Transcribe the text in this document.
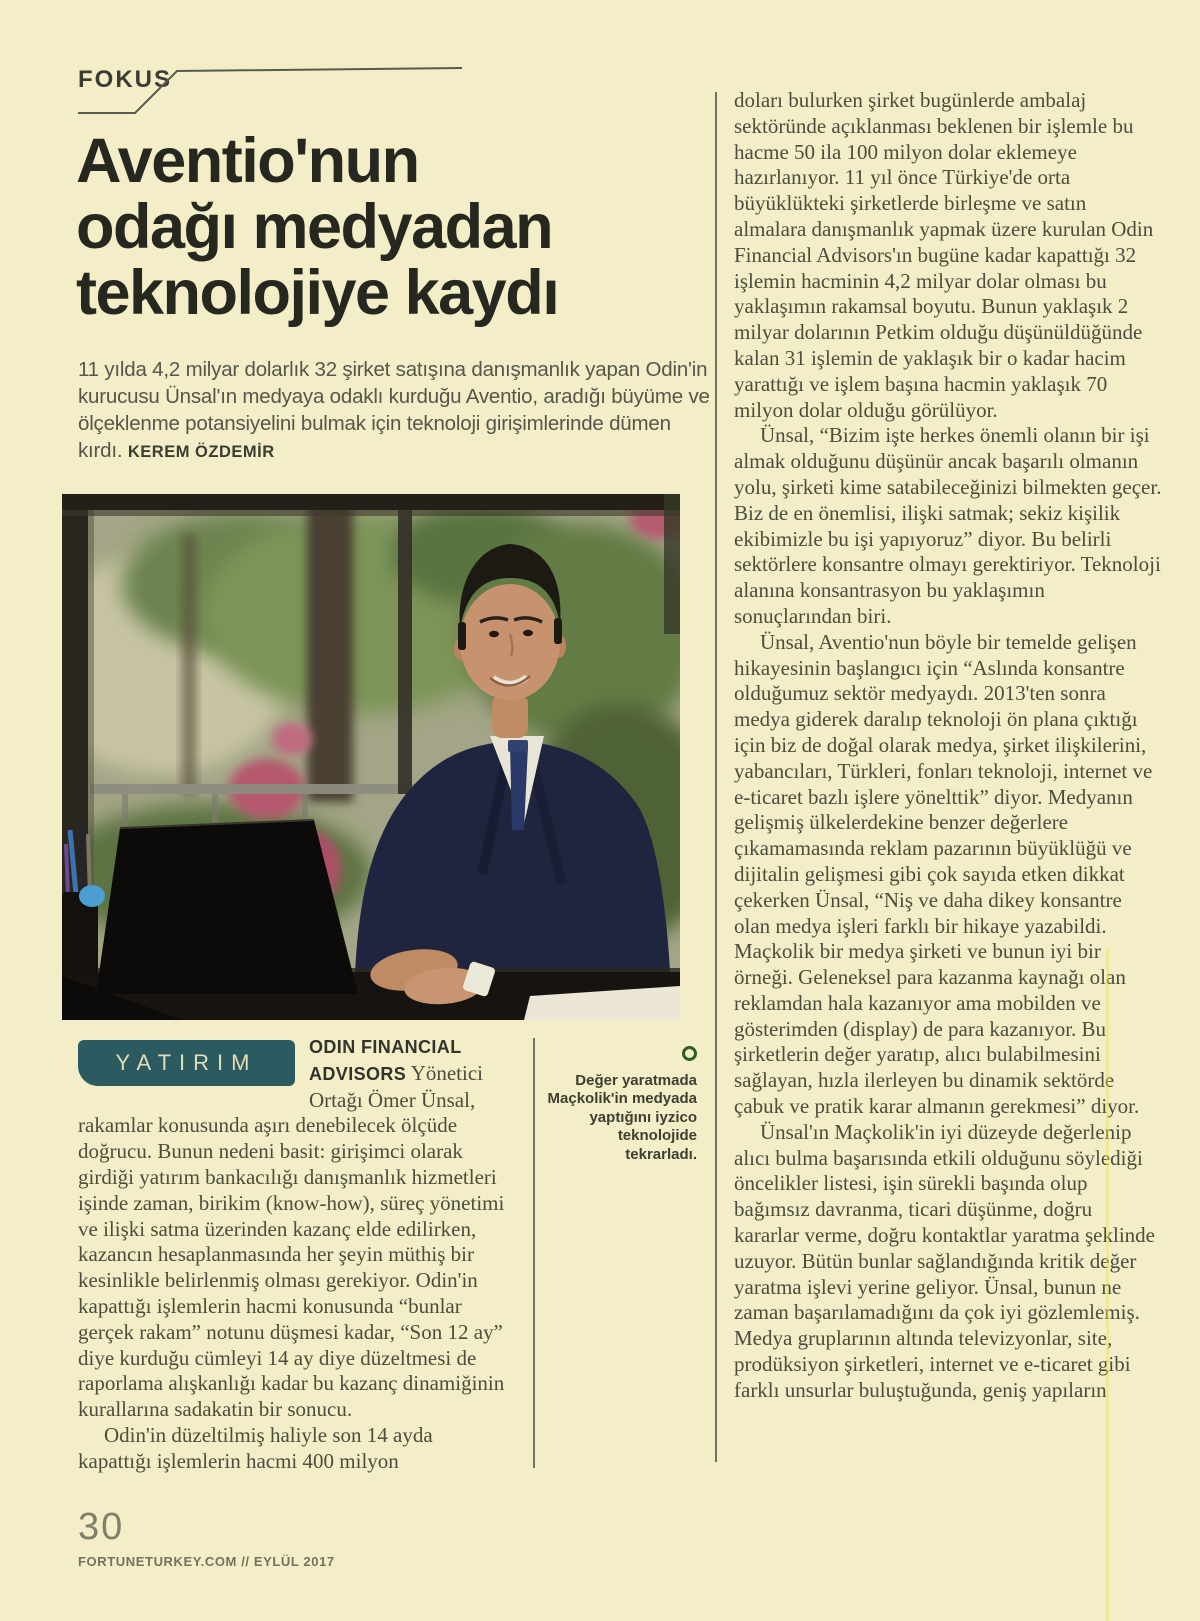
FOKUS
Aventio'nun
odağı medyadan
teknolojiye kaydı
11 yılda 4,2 milyar dolarlık 32 şirket satışına danışmanlık yapan Odin'in kurucusu Ünsal'ın medyaya odaklı kurduğu Aventio, aradığı büyüme ve ölçeklenme potansiyelini bulmak için teknoloji girişimlerinde dümen kırdı. KEREM ÖZDEMİR

YATIRIM
ODIN FINANCIAL ADVISORS Yönetici Ortağı Ömer Ünsal, rakamlar konusunda aşırı denebilecek ölçüde doğrucu. Bunun nedeni basit: girişimci olarak girdiği yatırım bankacılığı danışmanlık hizmetleri işinde zaman, birikim (know-how), süreç yönetimi ve ilişki satma üzerinden kazanç elde edilirken, kazancın hesaplanmasında her şeyin müthiş bir kesinlikle belirlenmiş olması gerekiyor. Odin'in kapattığı işlemlerin hacmi konusunda “bunlar gerçek rakam” notunu düşmesi kadar, “Son 12 ay” diye kurduğu cümleyi 14 ay diye düzeltmesi de raporlama alışkanlığı kadar bu kazanç dinamiğinin kurallarına sadakatin bir sonucu.

Odin'in düzeltilmiş haliyle son 14 ayda kapattığı işlemlerin hacmi 400 milyon

Değer yaratmada Maçkolik'in medyada yaptığını iyzico teknolojide tekrarladı.

doları bulurken şirket bugünlerde ambalaj sektöründe açıklanması beklenen bir işlemle bu hacme 50 ila 100 milyon dolar eklemeye hazırlanıyor. 11 yıl önce Türkiye'de orta büyüklükteki şirketlerde birleşme ve satın almalara danışmanlık yapmak üzere kurulan Odin Financial Advisors'ın bugüne kadar kapattığı 32 işlemin hacminin 4,2 milyar dolar olması bu yaklaşımın rakamsal boyutu. Bunun yaklaşık 2 milyar dolarının Petkim olduğu düşünüldüğünde kalan 31 işlemin de yaklaşık bir o kadar hacim yarattığı ve işlem başına hacmin yaklaşık 70 milyon dolar olduğu görülüyor.

Ünsal, “Bizim işte herkes önemli olanın bir işi almak olduğunu düşünür ancak başarılı olmanın yolu, şirketi kime satabileceğinizi bilmekten geçer. Biz de en önemlisi, ilişki satmak; sekiz kişilik ekibimizle bu işi yapıyoruz” diyor. Bu belirli sektörlere konsantre olmayı gerektiriyor. Teknoloji alanına konsantrasyon bu yaklaşımın sonuçlarından biri.

Ünsal, Aventio'nun böyle bir temelde gelişen hikayesinin başlangıcı için “Aslında konsantre olduğumuz sektör medyaydı. 2013'ten sonra medya giderek daralıp teknoloji ön plana çıktığı için biz de doğal olarak medya, şirket ilişkilerini, yabancıları, Türkleri, fonları teknoloji, internet ve e-ticaret bazlı işlere yönelttik” diyor. Medyanın gelişmiş ülkelerdekine benzer değerlere çıkamamasında reklam pazarının büyüklüğü ve dijitalin gelişmesi gibi çok sayıda etken dikkat çekerken Ünsal, “Niş ve daha dikey konsantre olan medya işleri farklı bir hikaye yazabildi. Maçkolik bir medya şirketi ve bunun iyi bir örneği. Geleneksel para kazanma kaynağı olan reklamdan hala kazanıyor ama mobilden ve gösterimden (display) de para kazanıyor. Bu şirketlerin değer yaratıp, alıcı bulabilmesini sağlayan, hızla ilerleyen bu dinamik sektörde çabuk ve pratik karar almanın gerekmesi” diyor.

Ünsal'ın Maçkolik'in iyi düzeyde değerlenip alıcı bulma başarısında etkili olduğunu söylediği öncelikler listesi, işin sürekli başında olup bağımsız davranma, ticari düşünme, doğru kararlar verme, doğru kontaktlar yaratma şeklinde uzuyor. Bütün bunlar sağlandığında kritik değer yaratma işlevi yerine geliyor. Ünsal, bunun ne zaman başarılamadığını da çok iyi gözlemlemiş. Medya gruplarının altında televizyonlar, site, prodüksiyon şirketleri, internet ve e-ticaret gibi farklı unsurlar buluştuğunda, geniş yapıların

30
FORTUNETURKEY.COM // EYLÜL 2017
